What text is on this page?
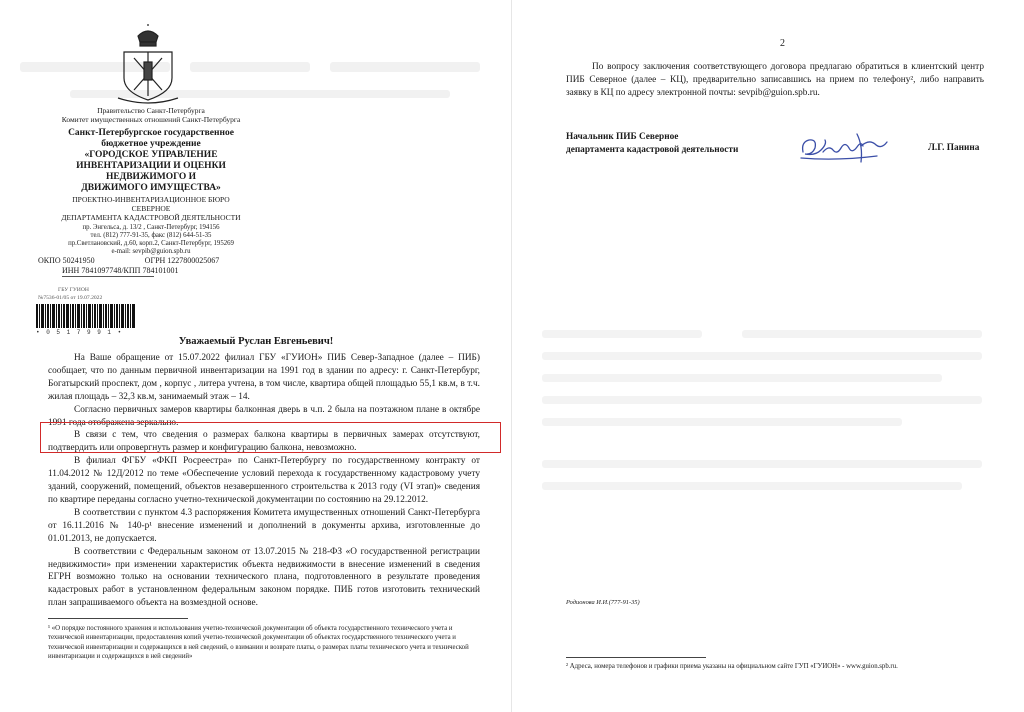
Правительство Санкт-Петербурга
Комитет имущественных отношений Санкт-Петербурга
Санкт-Петербургское государственное
бюджетное учреждение
«ГОРОДСКОЕ УПРАВЛЕНИЕ
ИНВЕНТАРИЗАЦИИ И ОЦЕНКИ
НЕДВИЖИМОГО И
ДВИЖИМОГО ИМУЩЕСТВА»
ПРОЕКТНО-ИНВЕНТАРИЗАЦИОННОЕ БЮРО
СЕВЕРНОЕ
ДЕПАРТАМЕНТА КАДАСТРОВОЙ ДЕЯТЕЛЬНОСТИ
пр. Энгельса, д. 13/2 , Санкт-Петербург, 194156
тел. (812) 777-91-35, факс (812) 644-51-35
пр.Светлановский, д.60, корп.2, Санкт-Петербург, 195269
e-mail: sevpib@guion.spb.ru
ОКПО 50241950	ОГРН 1227800025067
ИНН 7841097748/КПП 784101001
ГБУ ГУИОН
№7536-01/05 от 19.07.2022
• 0 5 1 7 9 9 1 •
Уважаемый Руслан Евгеньевич!

На Ваше обращение от 15.07.2022 филиал ГБУ «ГУИОН» ПИБ Север-Западное (далее – ПИБ) сообщает, что по данным первичной инвентаризации на 1991 год в здании по адресу: г. Санкт-Петербург, Богатырский проспект, дом , корпус , литера учтена, в том числе, квартира общей площадью 55,1 кв.м, в т.ч. жилая площадь – 32,3 кв.м, занимаемый этаж – 14.

Согласно первичных замеров квартиры балконная дверь в ч.п. 2 была на поэтажном плане в октябре 1991 года отображена зеркально.

В связи с тем, что сведения о размерах балкона квартиры в первичных замерах отсутствуют, подтвердить или опровергнуть размер и конфигурацию балкона, невозможно.

В филиал ФГБУ «ФКП Росреестра» по Санкт-Петербургу по государственному контракту от 11.04.2012 № 12Д/2012 по теме «Обеспечение условий перехода к государственному кадастровому учету зданий, сооружений, помещений, объектов незавершенного строительства к 2013 году (VI этап)» сведения по квартире переданы согласно учетно-технической документации по состоянию на 29.12.2012.

В соответствии с пунктом 4.3 распоряжения Комитета имущественных отношений Санкт-Петербурга от 16.11.2016 № 140-р¹ внесение изменений и дополнений в документы архива, изготовленные до 01.01.2013, не допускается.

В соответствии с Федеральным законом от 13.07.2015 № 218-ФЗ «О государственной регистрации недвижимости» при изменении характеристик объекта недвижимости в внесение изменений в сведения ЕГРН возможно только на основании технического плана, подготовленного в результате проведения кадастровых работ в установленном федеральным законом порядке. ПИБ готов изготовить технический план запрашиваемого объекта на возмездной основе.

¹ «О порядке постоянного хранения и использования учетно-технической документации об объекта государственного технического учета и технической инвентаризации, предоставления копий учетно-технической документации об объектах государственного технического учета и технической инвентаризации и содержащихся в ней сведений, о взимании и возврате платы, о размерах платы технического учета и технической инвентаризации и содержащихся в ней сведений»
2

По вопросу заключения соответствующего договора предлагаю обратиться в клиентский центр ПИБ Северное (далее – КЦ), предварительно записавшись на прием по телефону², либо направить заявку в КЦ по адресу электронной почты: sevpib@guion.spb.ru.

Начальник ПИБ Северное
департамента кадастровой деятельности	Л.Г. Панина
Родионова И.И.(777-91-35)
² Адреса, номера телефонов и графики приема указаны на официальном сайте ГУП «ГУИОН» - www.guion.spb.ru.
